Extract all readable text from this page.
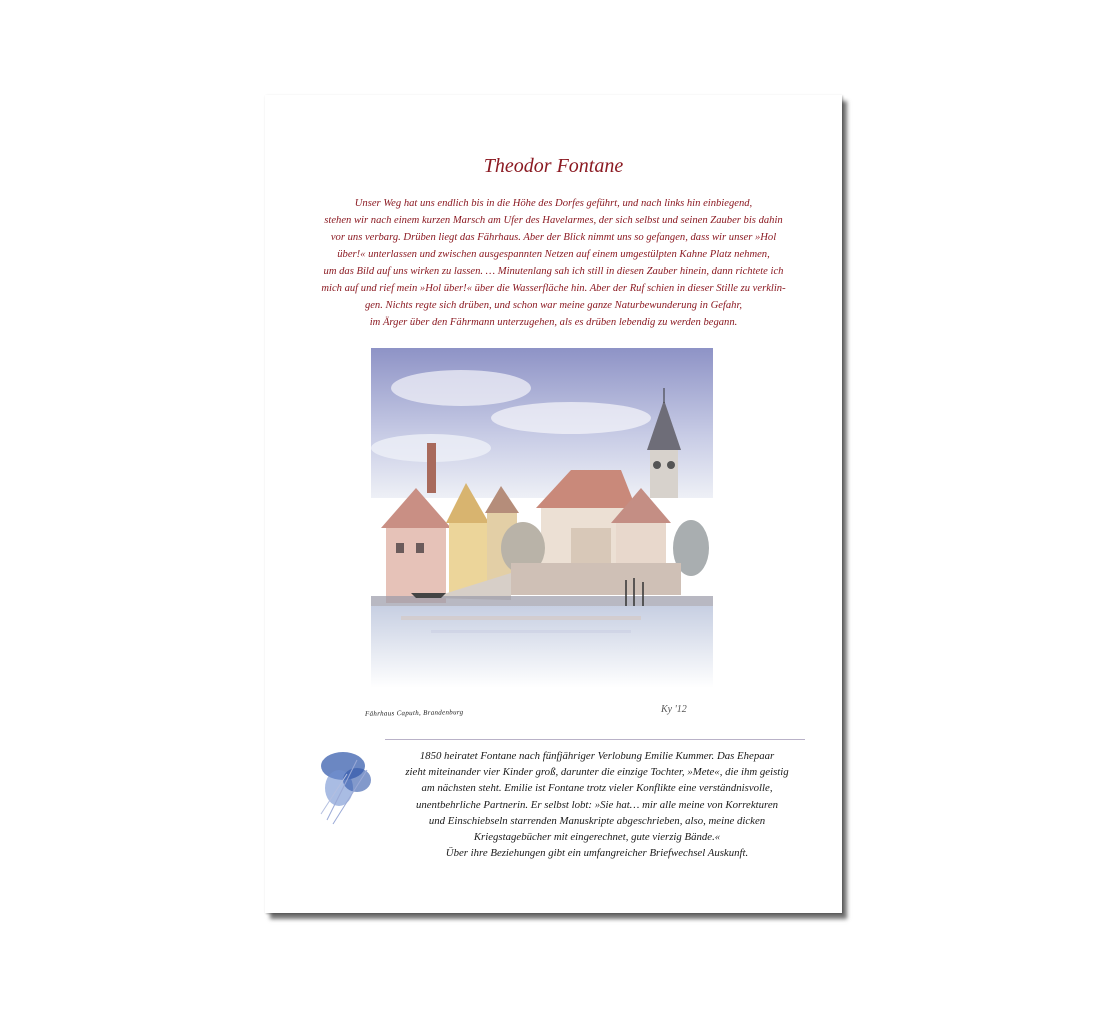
Theodor Fontane

Unser Weg hat uns endlich bis in die Höhe des Dorfes geführt, und nach links hin einbiegend,
stehen wir nach einem kurzen Marsch am Ufer des Havelarmes, der sich selbst und seinen Zauber bis dahin
vor uns verbarg. Drüben liegt das Fährhaus. Aber der Blick nimmt uns so gefangen, dass wir unser »Hol
über!« unterlassen und zwischen ausgespannten Netzen auf einem umgestülpten Kahne Platz nehmen,
um das Bild auf uns wirken zu lassen. … Minutenlang sah ich still in diesen Zauber hinein, dann richtete ich
mich auf und rief mein »Hol über!« über die Wasserfläche hin. Aber der Ruf schien in dieser Stille zu verklin-
gen. Nichts regte sich drüben, und schon war meine ganze Naturbewunderung in Gefahr,
im Ärger über den Fährmann unterzugehen, als es drüben lebendig zu werden begann.

Fährhaus Caputh, Brandenburg	Ky '12

1850 heiratet Fontane nach fünfjähriger Verlobung Emilie Kummer. Das Ehepaar
zieht miteinander vier Kinder groß, darunter die einzige Tochter, »Mete«, die ihm geistig
am nächsten steht. Emilie ist Fontane trotz vieler Konflikte eine verständnisvolle,
unentbehrliche Partnerin. Er selbst lobt: »Sie hat… mir alle meine von Korrekturen
und Einschiebseln starrenden Manuskripte abgeschrieben, also, meine dicken
Kriegstagebücher mit eingerechnet, gute vierzig Bände.«
Über ihre Beziehungen gibt ein umfangreicher Briefwechsel Auskunft.
